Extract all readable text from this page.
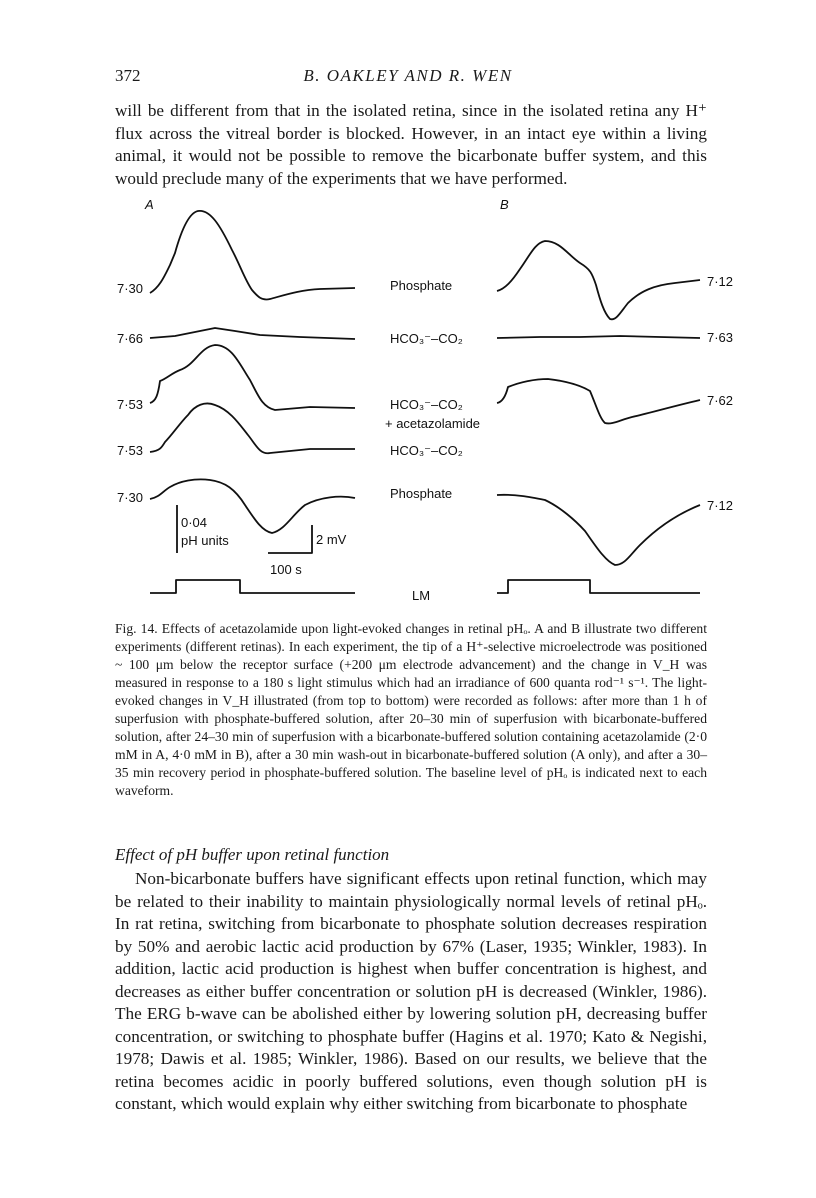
372	B. OAKLEY AND R. WEN
will be different from that in the isolated retina, since in the isolated retina any H⁺ flux across the vitreal border is blocked. However, in an intact eye within a living animal, it would not be possible to remove the bicarbonate buffer system, and this would preclude many of the experiments that we have performed.
A	B
7·30
7·66
7·53
7·53
7·30
Phosphate
HCO₃⁻–CO₂
HCO₃⁻–CO₂
+ acetazolamide
HCO₃⁻–CO₂
Phosphate
7·12
7·63
7·62
7·12
0·04
pH units	2 mV
100 s
LM
Fig. 14. Effects of acetazolamide upon light-evoked changes in retinal pHₒ. A and B illustrate two different experiments (different retinas). In each experiment, the tip of a H⁺-selective microelectrode was positioned ~ 100 μm below the receptor surface (+200 μm electrode advancement) and the change in V_H was measured in response to a 180 s light stimulus which had an irradiance of 600 quanta rod⁻¹ s⁻¹. The light-evoked changes in V_H illustrated (from top to bottom) were recorded as follows: after more than 1 h of superfusion with phosphate-buffered solution, after 20–30 min of superfusion with bicarbonate-buffered solution, after 24–30 min of superfusion with a bicarbonate-buffered solution containing acetazolamide (2·0 mM in A, 4·0 mM in B), after a 30 min wash-out in bicarbonate-buffered solution (A only), and after a 30–35 min recovery period in phosphate-buffered solution. The baseline level of pHₒ is indicated next to each waveform.
Effect of pH buffer upon retinal function
Non-bicarbonate buffers have significant effects upon retinal function, which may be related to their inability to maintain physiologically normal levels of retinal pHₒ. In rat retina, switching from bicarbonate to phosphate solution decreases respiration by 50% and aerobic lactic acid production by 67% (Laser, 1935; Winkler, 1983). In addition, lactic acid production is highest when buffer concentration is highest, and decreases as either buffer concentration or solution pH is decreased (Winkler, 1986). The ERG b-wave can be abolished either by lowering solution pH, decreasing buffer concentration, or switching to phosphate buffer (Hagins et al. 1970; Kato & Negishi, 1978; Dawis et al. 1985; Winkler, 1986). Based on our results, we believe that the retina becomes acidic in poorly buffered solutions, even though solution pH is constant, which would explain why either switching from bicarbonate to phosphate
